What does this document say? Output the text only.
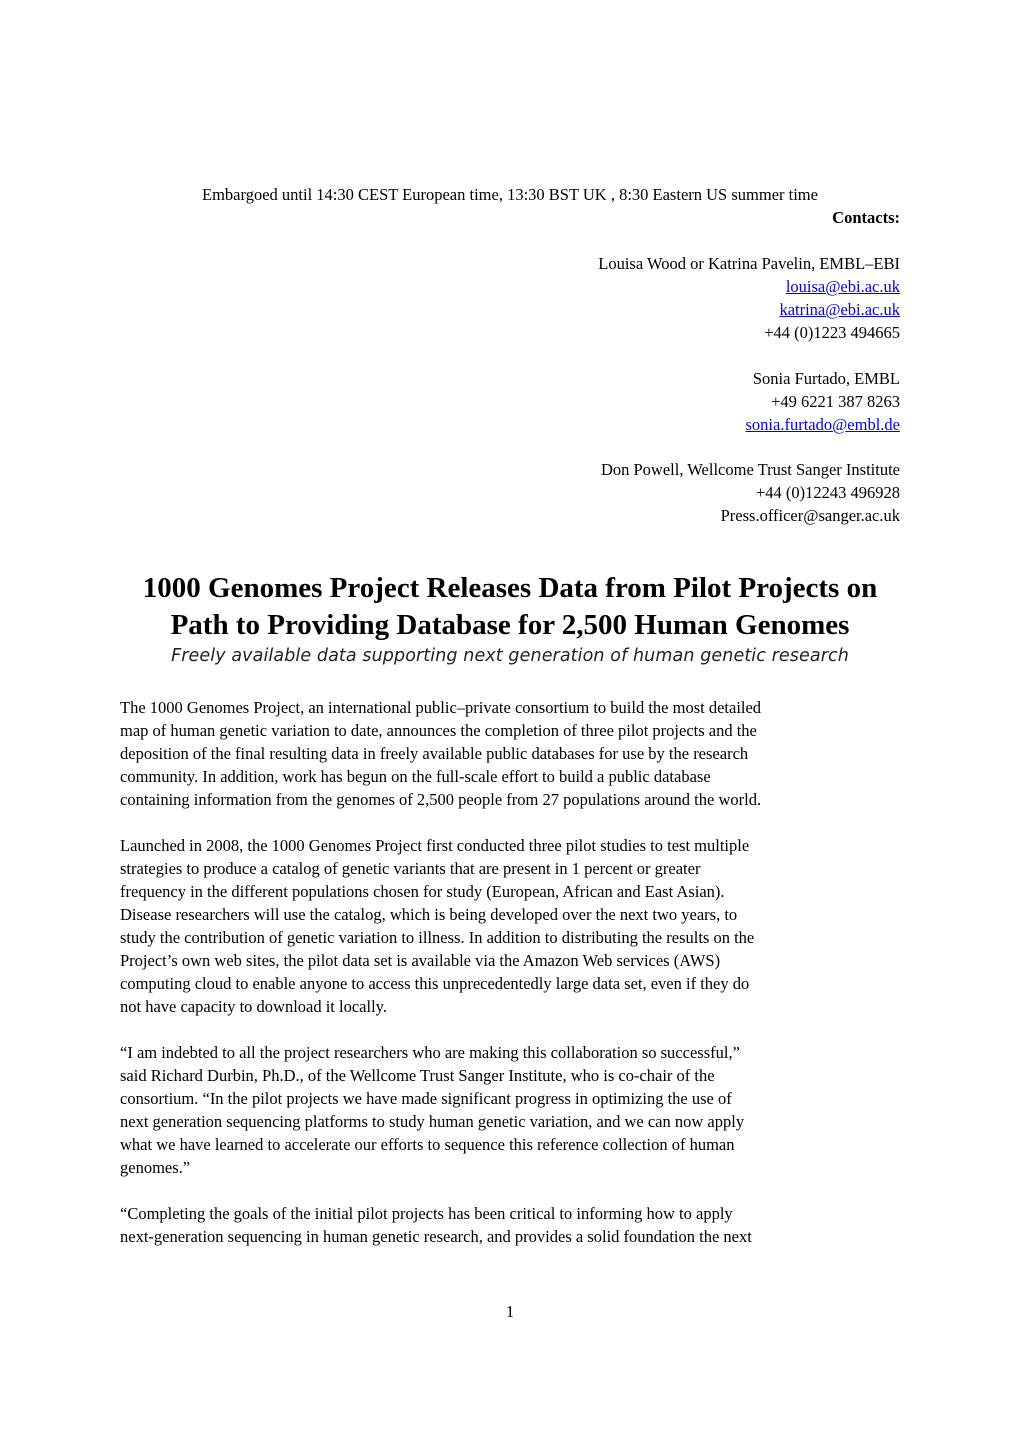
Embargoed until 14:30 CEST European time, 13:30 BST UK , 8:30 Eastern US summer time
Contacts:
Louisa Wood or Katrina Pavelin, EMBL–EBI
louisa@ebi.ac.uk
katrina@ebi.ac.uk
+44 (0)1223 494665
Sonia Furtado, EMBL
+49 6221 387 8263
sonia.furtado@embl.de
Don Powell, Wellcome Trust Sanger Institute
+44 (0)12243 496928
Press.officer@sanger.ac.uk
1000 Genomes Project Releases Data from Pilot Projects on
Path to Providing Database for 2,500 Human Genomes
Freely available data supporting next generation of human genetic research
The 1000 Genomes Project, an international public–private consortium to build the most detailed
map of human genetic variation to date, announces the completion of three pilot projects and the
deposition of the final resulting data in freely available public databases for use by the research
community. In addition, work has begun on the full-scale effort to build a public database
containing information from the genomes of 2,500 people from 27 populations around the world.
Launched in 2008, the 1000 Genomes Project first conducted three pilot studies to test multiple
strategies to produce a catalog of genetic variants that are present in 1 percent or greater
frequency in the different populations chosen for study (European, African and East Asian).
Disease researchers will use the catalog, which is being developed over the next two years, to
study the contribution of genetic variation to illness. In addition to distributing the results on the
Project’s own web sites, the pilot data set is available via the Amazon Web services (AWS)
computing cloud to enable anyone to access this unprecedentedly large data set, even if they do
not have capacity to download it locally.
“I am indebted to all the project researchers who are making this collaboration so successful,”
said Richard Durbin, Ph.D., of the Wellcome Trust Sanger Institute, who is co-chair of the
consortium. “In the pilot projects we have made significant progress in optimizing the use of
next generation sequencing platforms to study human genetic variation, and we can now apply
what we have learned to accelerate our efforts to sequence this reference collection of human
genomes.”
“Completing the goals of the initial pilot projects has been critical to informing how to apply
next-generation sequencing in human genetic research, and provides a solid foundation the next
1
